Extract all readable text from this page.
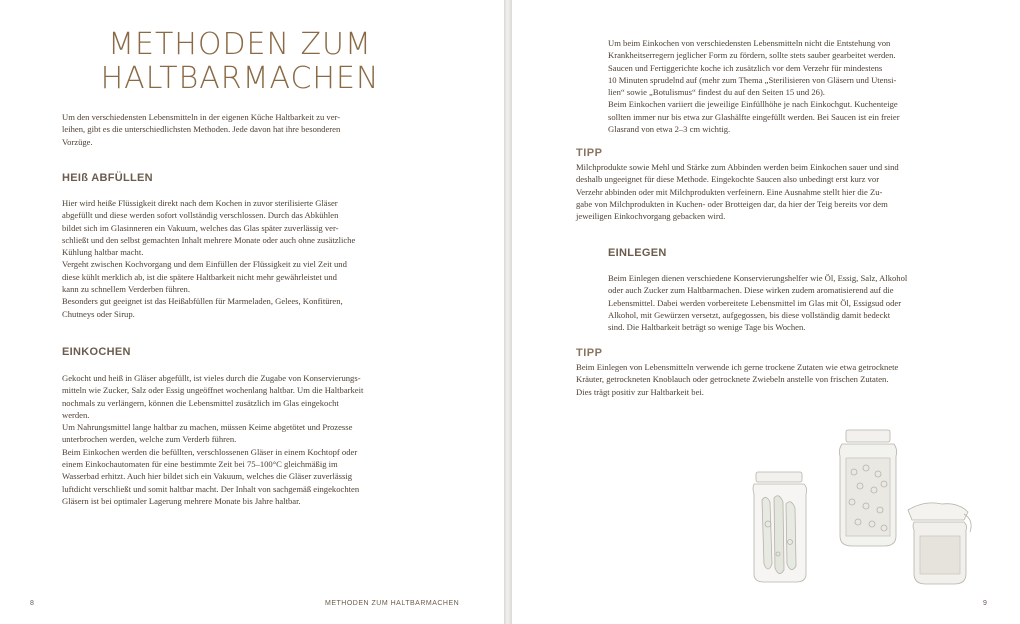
METHODEN ZUM
HALTBARMACHEN

Um den verschiedensten Lebensmitteln in der eigenen Küche Haltbarkeit zu ver-

leihen, gibt es die unterschiedlichsten Methoden. Jede davon hat ihre besonderen

Vorzüge.

HEIß ABFÜLLEN

Hier wird heiße Flüssigkeit direkt nach dem Kochen in zuvor sterilisierte Gläser

abgefüllt und diese werden sofort vollständig verschlossen. Durch das Abkühlen

bildet sich im Glasinneren ein Vakuum, welches das Glas später zuverlässig ver-

schließt und den selbst gemachten Inhalt mehrere Monate oder auch ohne zusätzliche

Kühlung haltbar macht.

Vergeht zwischen Kochvorgang und dem Einfüllen der Flüssigkeit zu viel Zeit und

diese kühlt merklich ab, ist die spätere Haltbarkeit nicht mehr gewährleistet und

kann zu schnellem Verderben führen.

Besonders gut geeignet ist das Heißabfüllen für Marmeladen, Gelees, Konfitüren,

Chutneys oder Sirup.

EINKOCHEN

Gekocht und heiß in Gläser abgefüllt, ist vieles durch die Zugabe von Konservierungs-

mitteln wie Zucker, Salz oder Essig ungeöffnet wochenlang haltbar. Um die Haltbarkeit

nochmals zu verlängern, können die Lebensmittel zusätzlich im Glas eingekocht

werden.

Um Nahrungsmittel lange haltbar zu machen, müssen Keime abgetötet und Prozesse

unterbrochen werden, welche zum Verderb führen.

Beim Einkochen werden die befüllten, verschlossenen Gläser in einem Kochtopf oder

einem Einkochautomaten für eine bestimmte Zeit bei 75–100°C gleichmäßig im

Wasserbad erhitzt. Auch hier bildet sich ein Vakuum, welches die Gläser zuverlässig

luftdicht verschließt und somit haltbar macht. Der Inhalt von sachgemäß eingekochten

Gläsern ist bei optimaler Lagerung mehrere Monate bis Jahre haltbar.

8	METHODEN ZUM HALTBARMACHEN

Um beim Einkochen von verschiedensten Lebensmitteln nicht die Entstehung von

Krankheitserregern jeglicher Form zu fördern, sollte stets sauber gearbeitet werden.

Saucen und Fertiggerichte koche ich zusätzlich vor dem Verzehr für mindestens

10 Minuten sprudelnd auf (mehr zum Thema „Sterilisieren von Gläsern und Utensi-

lien“ sowie „Botulismus“ findest du auf den Seiten 15 und 26).

Beim Einkochen variiert die jeweilige Einfüllhöhe je nach Einkochgut. Kuchenteige

sollten immer nur bis etwa zur Glashälfte eingefüllt werden. Bei Saucen ist ein freier

Glasrand von etwa 2–3 cm wichtig.

TIPP

Milchprodukte sowie Mehl und Stärke zum Abbinden werden beim Einkochen sauer und sind

deshalb ungeeignet für diese Methode. Eingekochte Saucen also unbedingt erst kurz vor

Verzehr abbinden oder mit Milchprodukten verfeinern. Eine Ausnahme stellt hier die Zu-

gabe von Milchprodukten in Kuchen- oder Brotteigen dar, da hier der Teig bereits vor dem

jeweiligen Einkochvorgang gebacken wird.

EINLEGEN

Beim Einlegen dienen verschiedene Konservierungshelfer wie Öl, Essig, Salz, Alkohol

oder auch Zucker zum Haltbarmachen. Diese wirken zudem aromatisierend auf die

Lebensmittel. Dabei werden vorbereitete Lebensmittel im Glas mit Öl, Essigsud oder

Alkohol, mit Gewürzen versetzt, aufgegossen, bis diese vollständig damit bedeckt

sind. Die Haltbarkeit beträgt so wenige Tage bis Wochen.

TIPP

Beim Einlegen von Lebensmitteln verwende ich gerne trockene Zutaten wie etwa getrocknete

Kräuter, getrockneten Knoblauch oder getrocknete Zwiebeln anstelle von frischen Zutaten.

Dies trägt positiv zur Haltbarkeit bei.

9
